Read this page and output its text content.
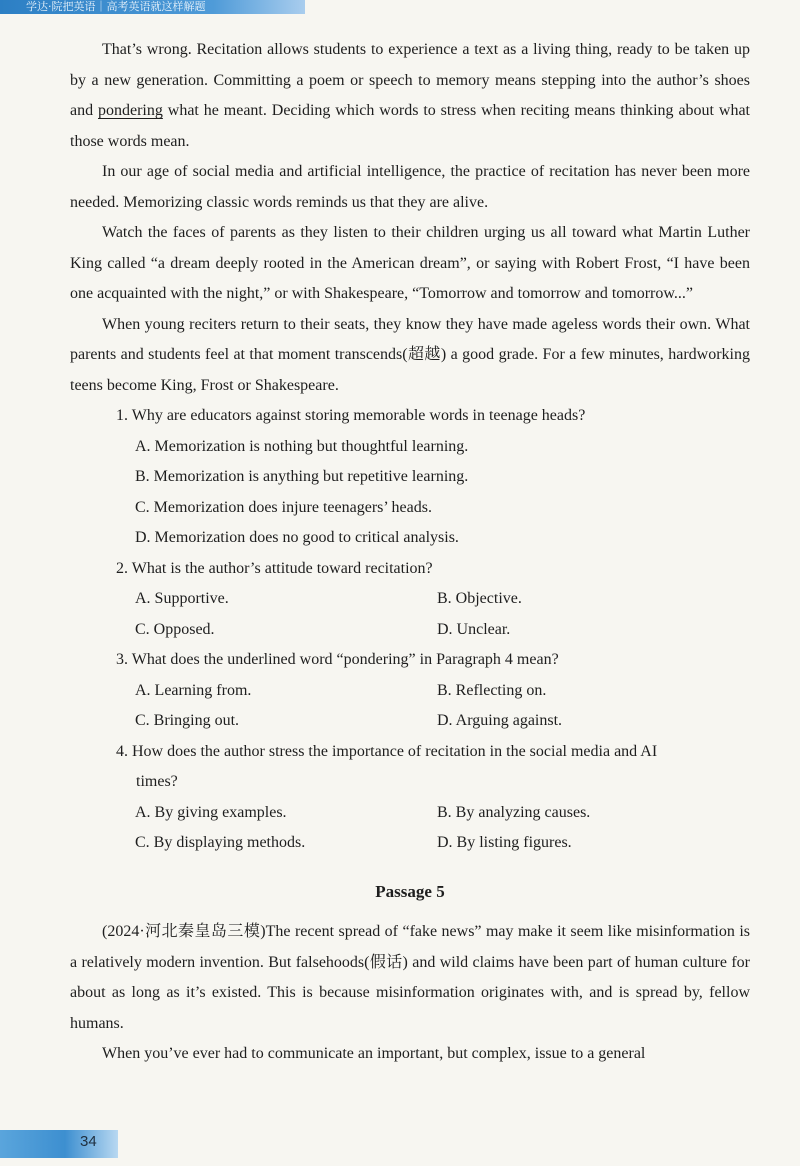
学达·院把英语｜高考英语就这样解题

That’s wrong. Recitation allows students to experience a text as a living thing, ready to be taken up by a new generation. Committing a poem or speech to memory means stepping into the author’s shoes and pondering what he meant. Deciding which words to stress when reciting means thinking about what those words mean.

In our age of social media and artificial intelligence, the practice of recitation has never been more needed. Memorizing classic words reminds us that they are alive.

Watch the faces of parents as they listen to their children urging us all toward what Martin Luther King called “a dream deeply rooted in the American dream”, or saying with Robert Frost, “I have been one acquainted with the night,” or with Shakespeare, “Tomorrow and tomorrow and tomorrow...”

When young reciters return to their seats, they know they have made ageless words their own. What parents and students feel at that moment transcends(超越) a good grade. For a few minutes, hardworking teens become King, Frost or Shakespeare.

1. Why are educators against storing memorable words in teenage heads?

A. Memorization is nothing but thoughtful learning.

B. Memorization is anything but repetitive learning.

C. Memorization does injure teenagers’ heads.

D. Memorization does no good to critical analysis.

2. What is the author’s attitude toward recitation?

A. Supportive.	B. Objective.
C. Opposed.	D. Unclear.

3. What does the underlined word “pondering” in Paragraph 4 mean?

A. Learning from.	B. Reflecting on.
C. Bringing out.	D. Arguing against.

4. How does the author stress the importance of recitation in the social media and AI

times?

A. By giving examples.	B. By analyzing causes.
C. By displaying methods.	D. By listing figures.
Passage 5

(2024·河北秦皇岛三模)The recent spread of “fake news” may make it seem like misinformation is a relatively modern invention. But falsehoods(假话) and wild claims have been part of human culture for about as long as it’s existed. This is because misinformation originates with, and is spread by, fellow humans.

When you’ve ever had to communicate an important, but complex, issue to a general

34
